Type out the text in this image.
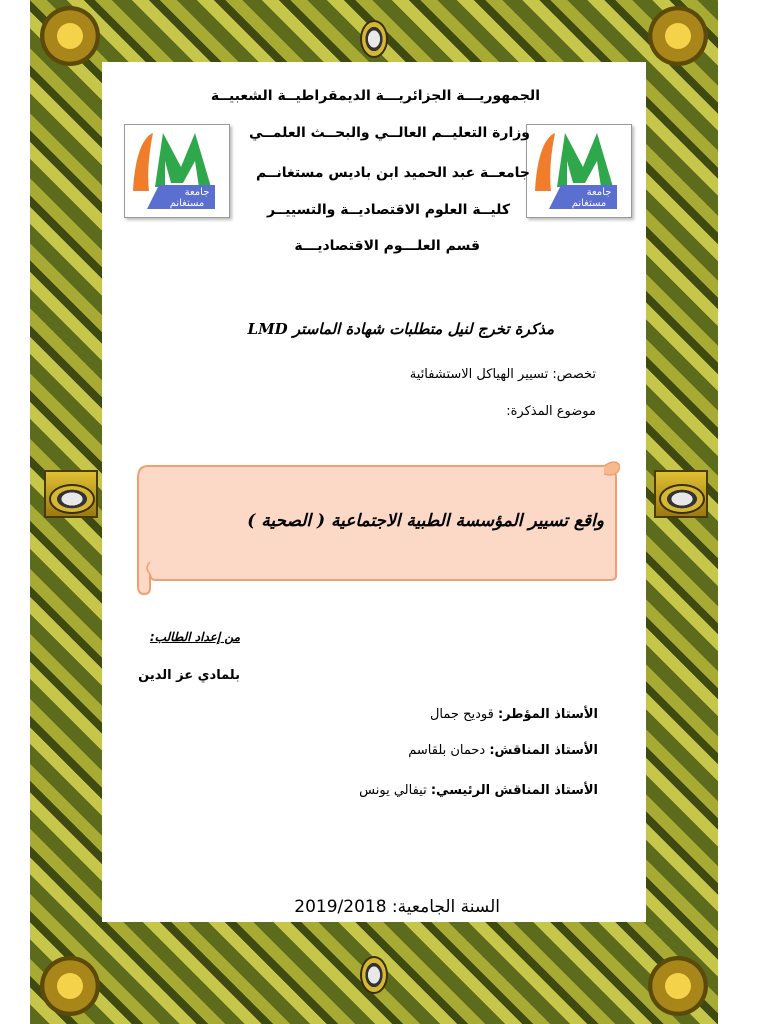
جامعة
مستغانم
جامعة
مستغانم
الجمهوريـــة الجزائريـــة الديمقراطيــة الشعبيــة
وزارة التعليــم العالــي والبحــث العلمــي
جامعــة عبد الحميد ابن باديس مستغانــم
كليــة العلوم الاقتصاديــة والتسييــر
قسم العلـــوم الاقتصاديـــة
مذكرة تخرج لنيل متطلبات شهادة الماستر LMD
تخصص: تسيير الهياكل الاستشفائية
موضوع المذكرة:
واقع تسيير المؤسسة الطبية الاجتماعية ( الصحية )
من إعداد الطالب:
بلمادي عز الدين
الأستاذ المؤطر: قوديح جمال
الأستاذ المناقش: دحمان بلقاسم
الأستاذ المناقش الرئيسي: تيفالي يونس
السنة الجامعية: 2019/2018
